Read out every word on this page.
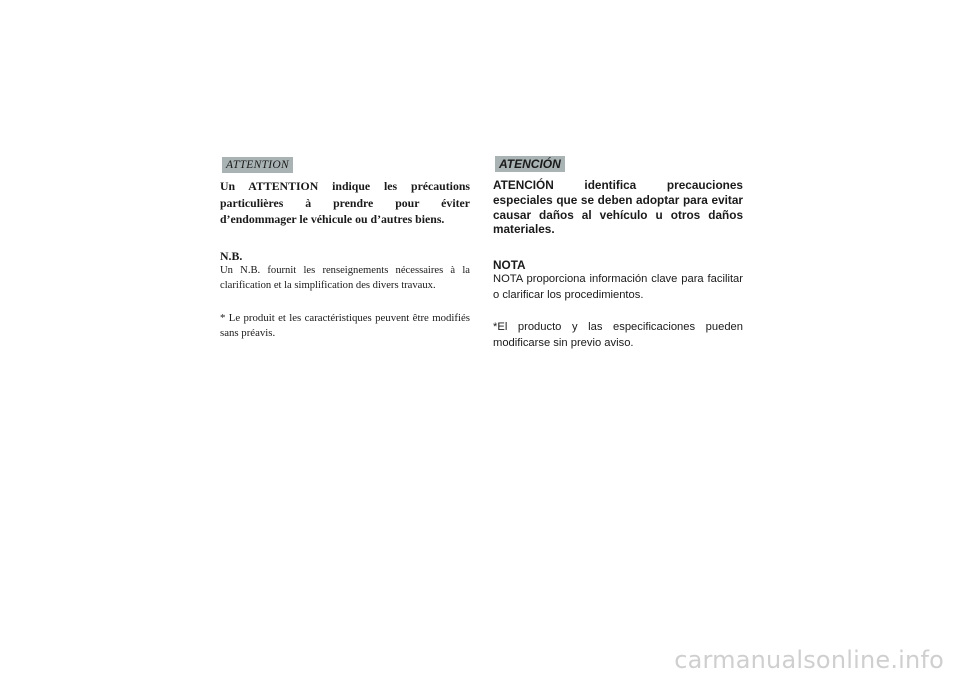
ATTENTION

Un ATTENTION indique les précautions particulières à prendre pour éviter d’endommager le véhicule ou d’autres biens.

N.B.

Un N.B. fournit les renseignements nécessaires à la clarification et la simplification des divers travaux.

* Le produit et les caractéristiques peuvent être modifiés sans préavis.

ATENCIÓN

ATENCIÓN identifica precauciones especiales que se deben adoptar para evitar causar daños al vehículo u otros daños materiales.

NOTA

NOTA proporciona información clave para facilitar o clarificar los procedimientos.

*El producto y las especificaciones pueden modificarse sin previo aviso.

carmanualsonline.info
